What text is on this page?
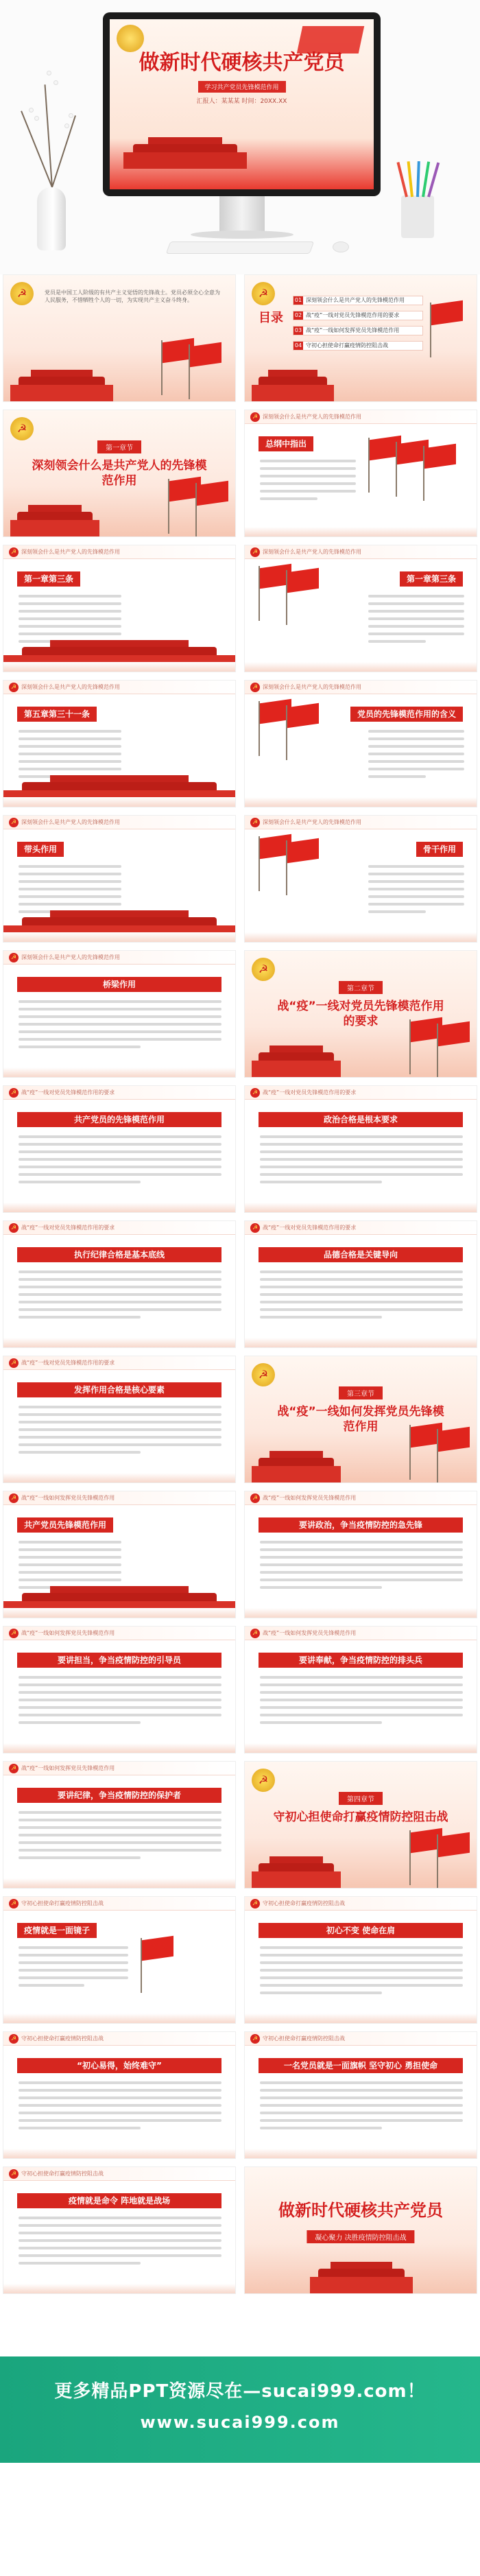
做新时代硬核共产党员
学习共产党员先锋模范作用
汇报人：某某某 时间：20XX.XX
☭	党员是中国工人阶级的有共产主义觉悟的先锋战士。党员必须全心全意为人民服务，不惜牺牲个人的一切，为实现共产主义奋斗终身。
☭
目录
01 深刻领会什么是共产党人的先锋模范作用
02 战“疫”一线对党员先锋模范作用的要求
03 战“疫”一线如何发挥党员先锋模范作用
04 守初心担使命打赢疫情防控阻击战
☭
第一章节
深刻领会什么是共产党人的先锋模范作用
☭ 深刻领会什么是共产党人的先锋模范作用
总纲中指出
☭ 深刻领会什么是共产党人的先锋模范作用
第一章第三条
☭ 深刻领会什么是共产党人的先锋模范作用
第一章第三条
☭ 深刻领会什么是共产党人的先锋模范作用
第五章第三十一条
☭ 深刻领会什么是共产党人的先锋模范作用
党员的先锋模范作用的含义
☭ 深刻领会什么是共产党人的先锋模范作用
带头作用
☭ 深刻领会什么是共产党人的先锋模范作用
骨干作用
☭ 深刻领会什么是共产党人的先锋模范作用
桥梁作用
☭
第二章节
战“疫”一线对党员先锋模范作用的要求
☭ 战“疫”一线对党员先锋模范作用的要求
共产党员的先锋模范作用
☭ 战“疫”一线对党员先锋模范作用的要求
政治合格是根本要求
☭ 战“疫”一线对党员先锋模范作用的要求
执行纪律合格是基本底线
☭ 战“疫”一线对党员先锋模范作用的要求
品德合格是关键导向
☭ 战“疫”一线对党员先锋模范作用的要求
发挥作用合格是核心要素
☭
第三章节
战“疫”一线如何发挥党员先锋模范作用
☭ 战“疫”一线如何发挥党员先锋模范作用
共产党员先锋模范作用
☭ 战“疫”一线如何发挥党员先锋模范作用
要讲政治，争当疫情防控的急先锋
☭ 战“疫”一线如何发挥党员先锋模范作用
要讲担当，争当疫情防控的引导员
☭ 战“疫”一线如何发挥党员先锋模范作用
要讲奉献，争当疫情防控的排头兵
☭ 战“疫”一线如何发挥党员先锋模范作用
要讲纪律，争当疫情防控的保护者
☭
第四章节
守初心担使命打赢疫情防控阻击战
☭ 守初心担使命打赢疫情防控阻击战
疫情就是一面镜子
☭ 守初心担使命打赢疫情防控阻击战
初心不变 使命在肩
☭ 守初心担使命打赢疫情防控阻击战
“初心易得，始终难守”
☭ 守初心担使命打赢疫情防控阻击战
一名党员就是一面旗帜 坚守初心 勇担使命
☭ 守初心担使命打赢疫情防控阻击战
疫情就是命令 阵地就是战场	做新时代硬核共产党员
凝心聚力 决胜疫情防控阻击战
更多精品PPT资源尽在—sucai999.com！
www.sucai999.com
